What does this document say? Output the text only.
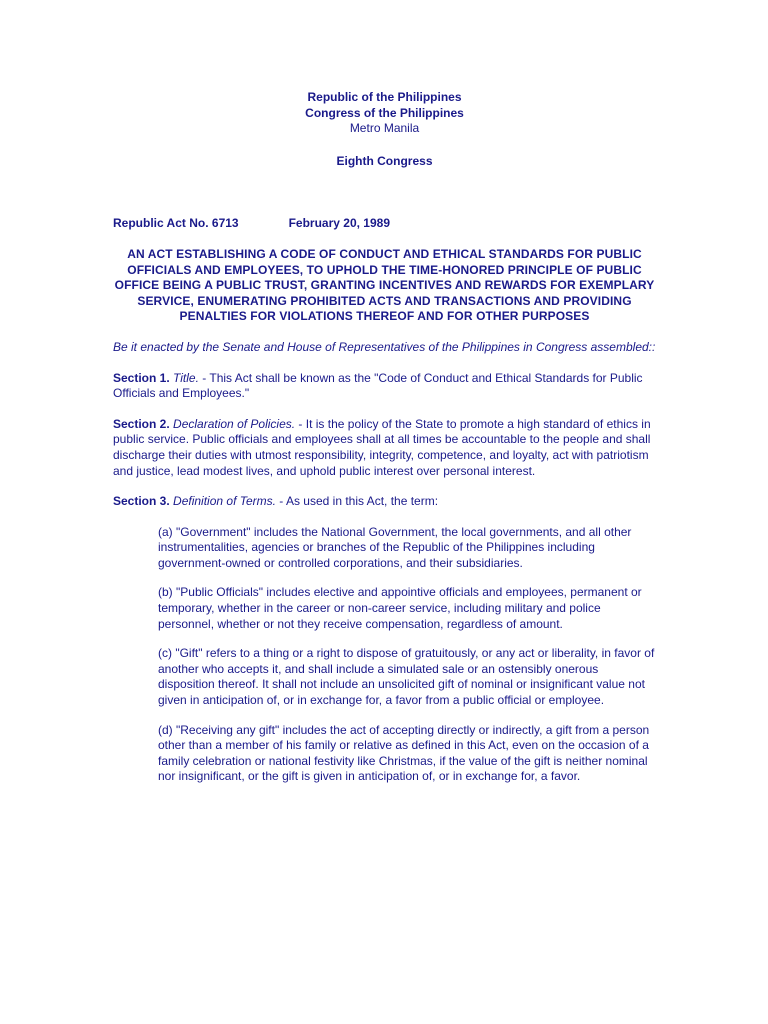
Republic of the Philippines

Congress of the Philippines

Metro Manila

Eighth Congress

Republic Act No. 6713	February 20, 1989

AN ACT ESTABLISHING A CODE OF CONDUCT AND ETHICAL STANDARDS FOR PUBLIC OFFICIALS AND EMPLOYEES, TO UPHOLD THE TIME-HONORED PRINCIPLE OF PUBLIC OFFICE BEING A PUBLIC TRUST, GRANTING INCENTIVES AND REWARDS FOR EXEMPLARY SERVICE, ENUMERATING PROHIBITED ACTS AND TRANSACTIONS AND PROVIDING PENALTIES FOR VIOLATIONS THEREOF AND FOR OTHER PURPOSES

Be it enacted by the Senate and House of Representatives of the Philippines in Congress assembled::

Section 1. Title. - This Act shall be known as the "Code of Conduct and Ethical Standards for Public Officials and Employees."

Section 2. Declaration of Policies. - It is the policy of the State to promote a high standard of ethics in public service. Public officials and employees shall at all times be accountable to the people and shall discharge their duties with utmost responsibility, integrity, competence, and loyalty, act with patriotism and justice, lead modest lives, and uphold public interest over personal interest.

Section 3. Definition of Terms. - As used in this Act, the term:

(a) "Government" includes the National Government, the local governments, and all other instrumentalities, agencies or branches of the Republic of the Philippines including government-owned or controlled corporations, and their subsidiaries.

(b) "Public Officials" includes elective and appointive officials and employees, permanent or temporary, whether in the career or non-career service, including military and police personnel, whether or not they receive compensation, regardless of amount.

(c) "Gift" refers to a thing or a right to dispose of gratuitously, or any act or liberality, in favor of another who accepts it, and shall include a simulated sale or an ostensibly onerous disposition thereof. It shall not include an unsolicited gift of nominal or insignificant value not given in anticipation of, or in exchange for, a favor from a public official or employee.

(d) "Receiving any gift" includes the act of accepting directly or indirectly, a gift from a person other than a member of his family or relative as defined in this Act, even on the occasion of a family celebration or national festivity like Christmas, if the value of the gift is neither nominal nor insignificant, or the gift is given in anticipation of, or in exchange for, a favor.
